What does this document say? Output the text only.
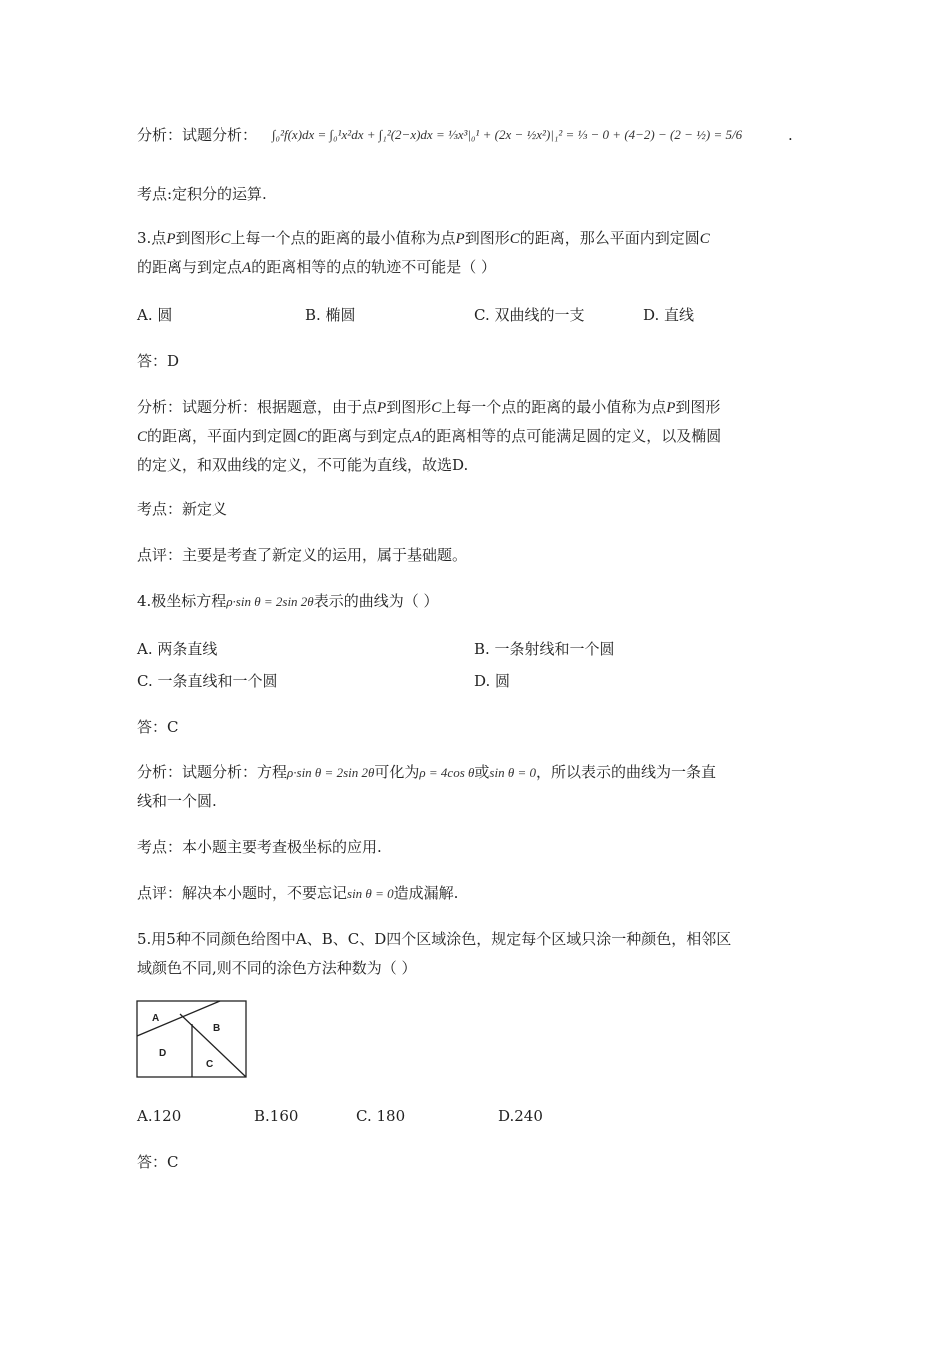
分析：试题分析： ∫₀²f(x)dx = ∫₀¹x²dx + ∫₁²(2−x)dx = ⅓x³|₀¹ + (2x − ½x²)|₁² = ⅓ − 0 + (4−2) − (2 − ½) = 5/6	.
考点:定积分的运算.
3.点P到图形C上每一个点的距离的最小值称为点P到图形C的距离，那么平面内到定圆C
的距离与到定点A的距离相等的点的轨迹不可能是（ ）
A. 圆	B. 椭圆	C. 双曲线的一支	D. 直线
答：D
分析：试题分析：根据题意，由于点P到图形C上每一个点的距离的最小值称为点P到图形
C的距离，平面内到定圆C的距离与到定点A的距离相等的点可能满足圆的定义，以及椭圆
的定义，和双曲线的定义，不可能为直线，故选D.
考点：新定义
点评：主要是考查了新定义的运用，属于基础题。
4.极坐标方程ρ·sin θ = 2sin 2θ表示的曲线为（ ）
A. 两条直线	B. 一条射线和一个圆
C. 一条直线和一个圆	D. 圆
答：C
分析：试题分析：方程ρ·sin θ = 2sin 2θ可化为ρ = 4cos θ或sin θ = 0，所以表示的曲线为一条直
线和一个圆.
考点：本小题主要考查极坐标的应用.
点评：解决本小题时，不要忘记sin θ = 0造成漏解.
5.用5种不同颜色给图中A、B、C、D四个区域涂色，规定每个区域只涂一种颜色，相邻区
域颜色不同,则不同的涂色方法种数为（ ）
A
B
C
D
A.120	B.160	C. 180	D.240
答：C
